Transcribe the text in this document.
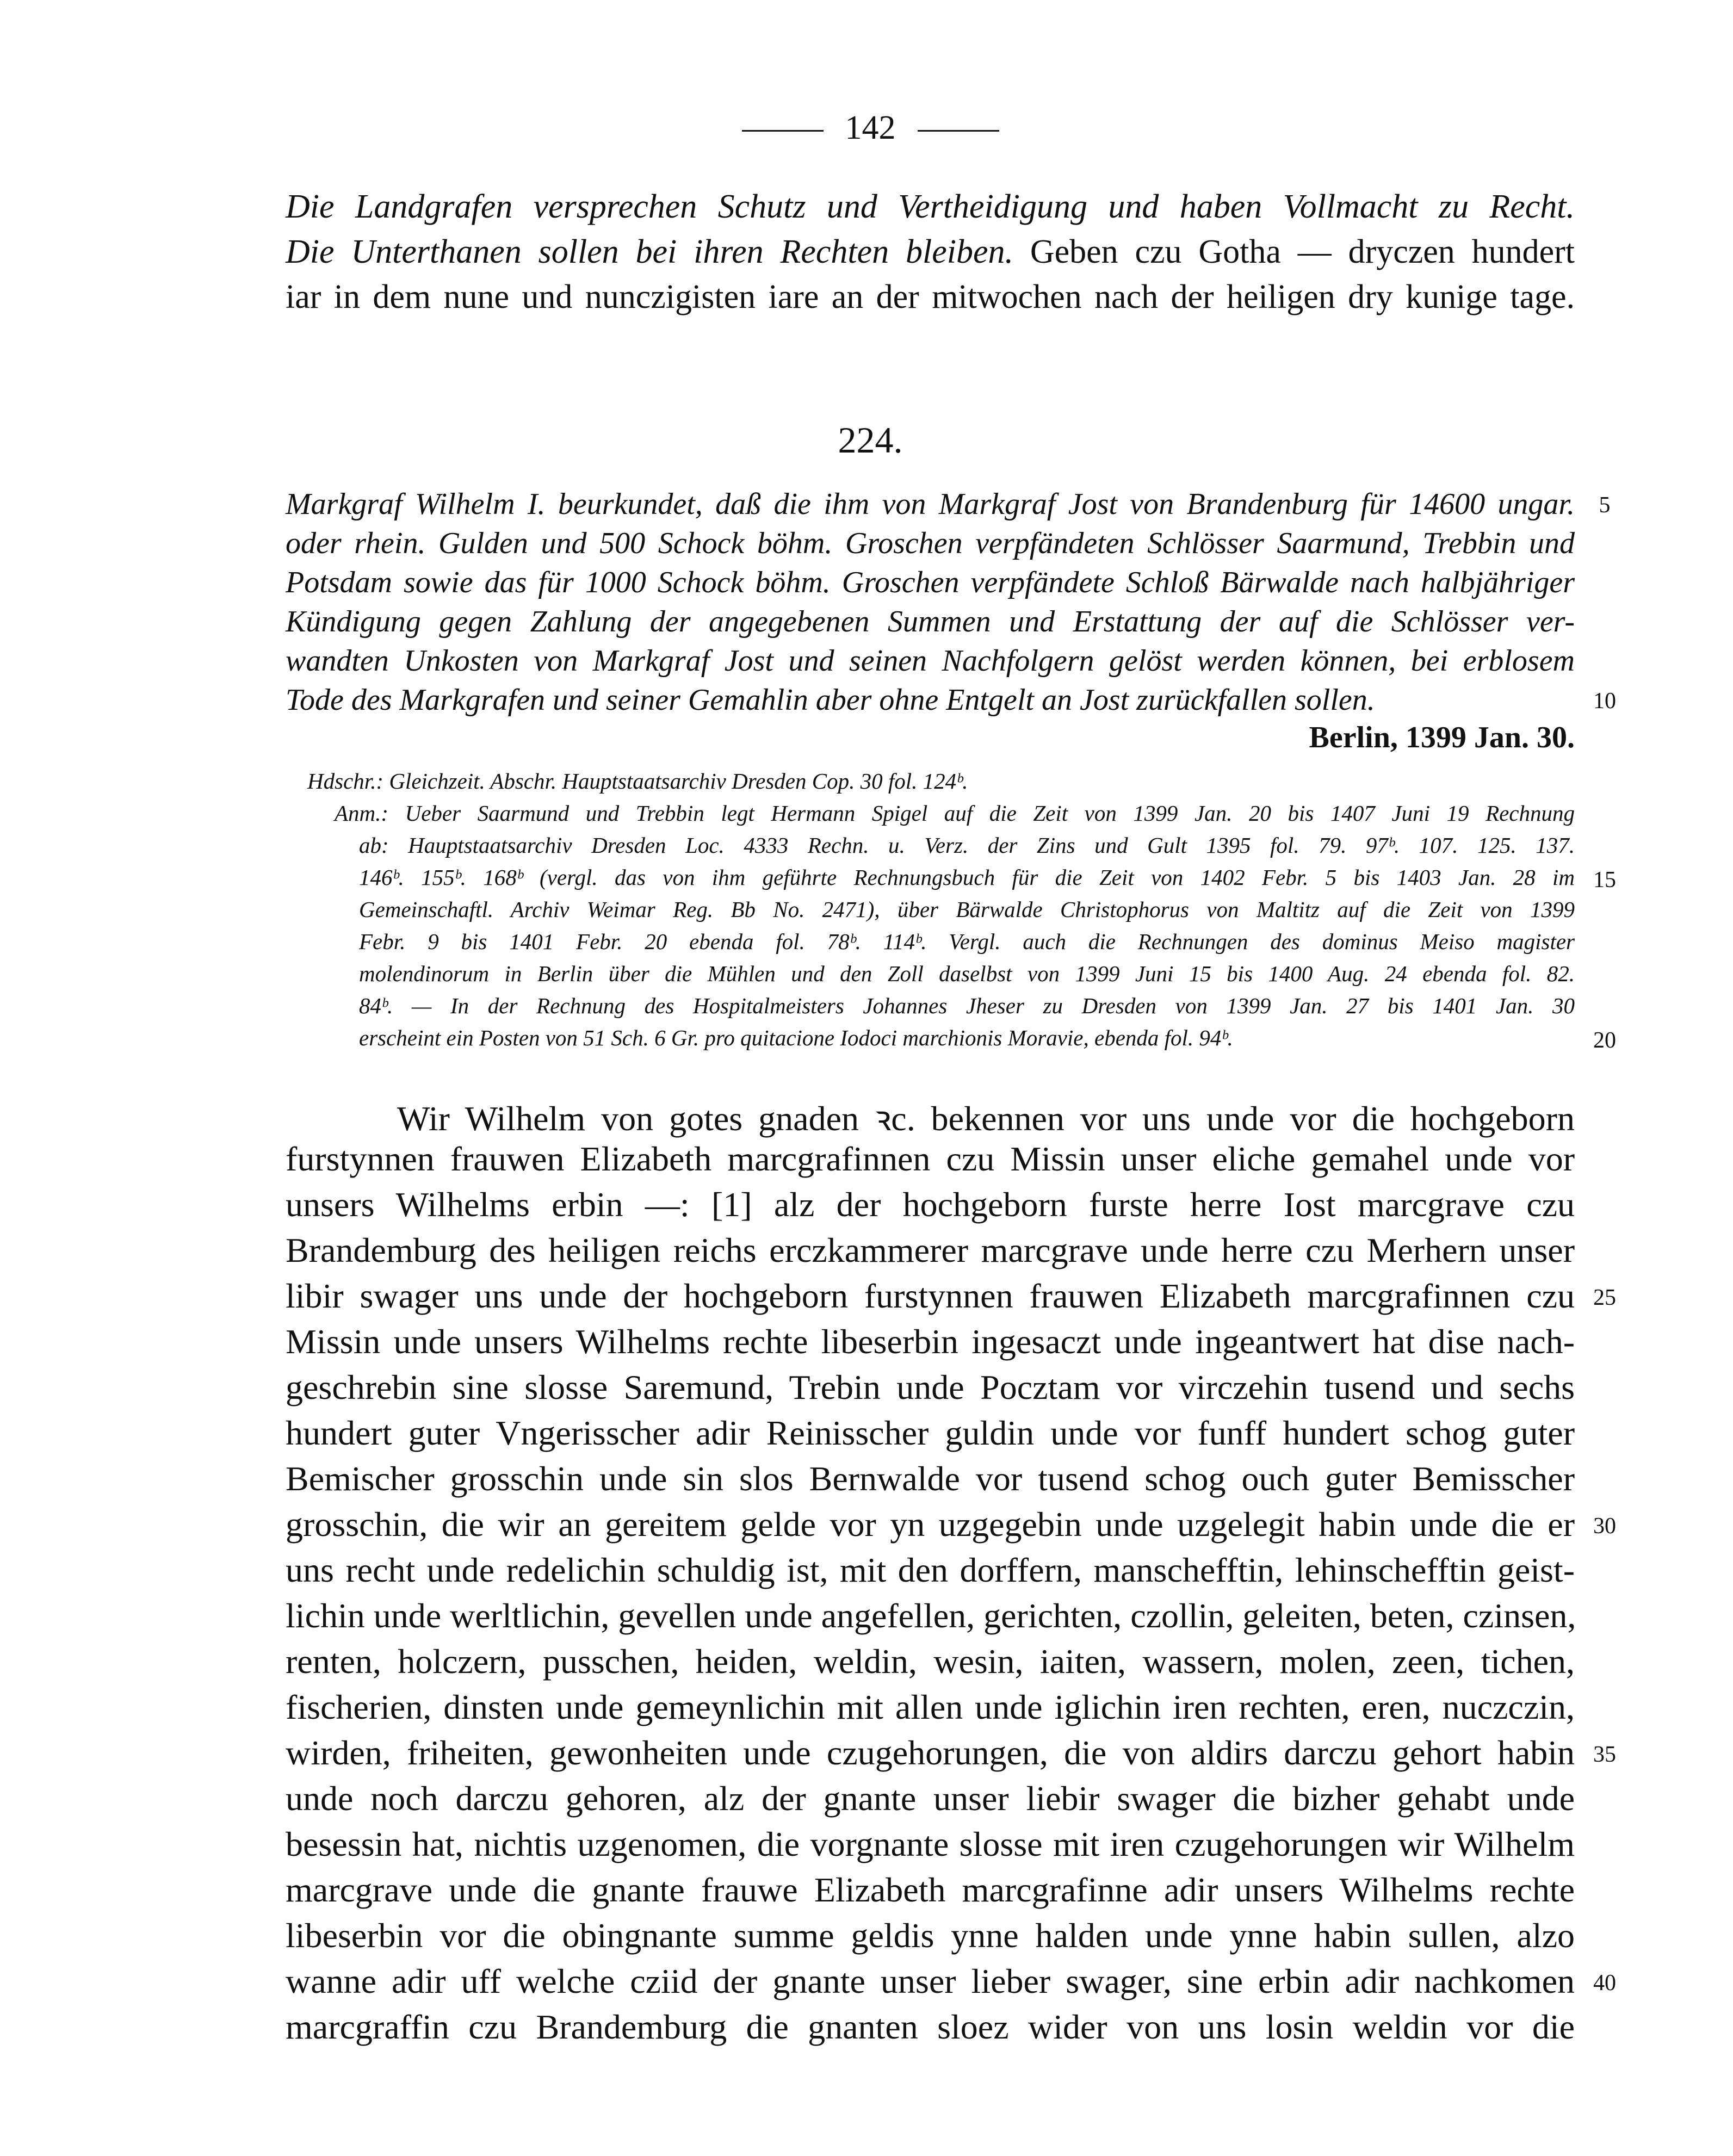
142
Die Landgrafen versprechen Schutz und Vertheidigung und haben Vollmacht zu Recht.
Die Unterthanen sollen bei ihren Rechten bleiben. Geben czu Gotha — dryczen hundert
iar in dem nune und nunczigisten iare an der mitwochen nach der heiligen dry kunige tage.
224.
Markgraf Wilhelm I. beurkundet, daß die ihm von Markgraf Jost von Brandenburg für 14600 ungar.
oder rhein. Gulden und 500 Schock böhm. Groschen verpfändeten Schlösser Saarmund, Trebbin und
Potsdam sowie das für 1000 Schock böhm. Groschen verpfändete Schloß Bärwalde nach halbjähriger
Kündigung gegen Zahlung der angegebenen Summen und Erstattung der auf die Schlösser ver-
wandten Unkosten von Markgraf Jost und seinen Nachfolgern gelöst werden können, bei erblosem
Tode des Markgrafen und seiner Gemahlin aber ohne Entgelt an Jost zurückfallen sollen.
Berlin, 1399 Jan. 30.
Hdschr.: Gleichzeit. Abschr. Hauptstaatsarchiv Dresden Cop. 30 fol. 124ᵇ.
Anm.: Ueber Saarmund und Trebbin legt Hermann Spigel auf die Zeit von 1399 Jan. 20 bis 1407 Juni 19 Rechnung
ab: Hauptstaatsarchiv Dresden Loc. 4333 Rechn. u. Verz. der Zins und Gult 1395 fol. 79. 97ᵇ. 107. 125. 137.
146ᵇ. 155ᵇ. 168ᵇ (vergl. das von ihm geführte Rechnungsbuch für die Zeit von 1402 Febr. 5 bis 1403 Jan. 28 im
Gemeinschaftl. Archiv Weimar Reg. Bb No. 2471), über Bärwalde Christophorus von Maltitz auf die Zeit von 1399
Febr. 9 bis 1401 Febr. 20 ebenda fol. 78ᵇ. 114ᵇ. Vergl. auch die Rechnungen des dominus Meiso magister
molendinorum in Berlin über die Mühlen und den Zoll daselbst von 1399 Juni 15 bis 1400 Aug. 24 ebenda fol. 82.
84ᵇ. — In der Rechnung des Hospitalmeisters Johannes Jheser zu Dresden von 1399 Jan. 27 bis 1401 Jan. 30
erscheint ein Posten von 51 Sch. 6 Gr. pro quitacione Iodoci marchionis Moravie, ebenda fol. 94ᵇ.
Wir Wilhelm von gotes gnaden ꝛc. bekennen vor uns unde vor die hochgeborn
furstynnen frauwen Elizabeth marcgrafinnen czu Missin unser eliche gemahel unde vor
unsers Wilhelms erbin —: [1] alz der hochgeborn furste herre Iost marcgrave czu
Brandemburg des heiligen reichs erczkammerer marcgrave unde herre czu Merhern unser
libir swager uns unde der hochgeborn furstynnen frauwen Elizabeth marcgrafinnen czu
Missin unde unsers Wilhelms rechte libeserbin ingesaczt unde ingeantwert hat dise nach-
geschrebin sine slosse Saremund, Trebin unde Pocztam vor virczehin tusend und sechs
hundert guter Vngerisscher adir Reinisscher guldin unde vor funff hundert schog guter
Bemischer grosschin unde sin slos Bernwalde vor tusend schog ouch guter Bemisscher
grosschin, die wir an gereitem gelde vor yn uzgegebin unde uzgelegit habin unde die er
uns recht unde redelichin schuldig ist, mit den dorffern, manschefftin, lehinschefftin geist-
lichin unde werltlichin, gevellen unde angefellen, gerichten, czollin, geleiten, beten, czinsen,
renten, holczern, pusschen, heiden, weldin, wesin, iaiten, wassern, molen, zeen, tichen,
fischerien, dinsten unde gemeynlichin mit allen unde iglichin iren rechten, eren, nuczczin,
wirden, friheiten, gewonheiten unde czugehorungen, die von aldirs darczu gehort habin
unde noch darczu gehoren, alz der gnante unser liebir swager die bizher gehabt unde
besessin hat, nichtis uzgenomen, die vorgnante slosse mit iren czugehorungen wir Wilhelm
marcgrave unde die gnante frauwe Elizabeth marcgrafinne adir unsers Wilhelms rechte
libeserbin vor die obingnante summe geldis ynne halden unde ynne habin sullen, alzo
wanne adir uff welche cziid der gnante unser lieber swager, sine erbin adir nachkomen
marcgraffin czu Brandemburg die gnanten sloez wider von uns losin weldin vor die
5
10
15
20
25
30
35
40
